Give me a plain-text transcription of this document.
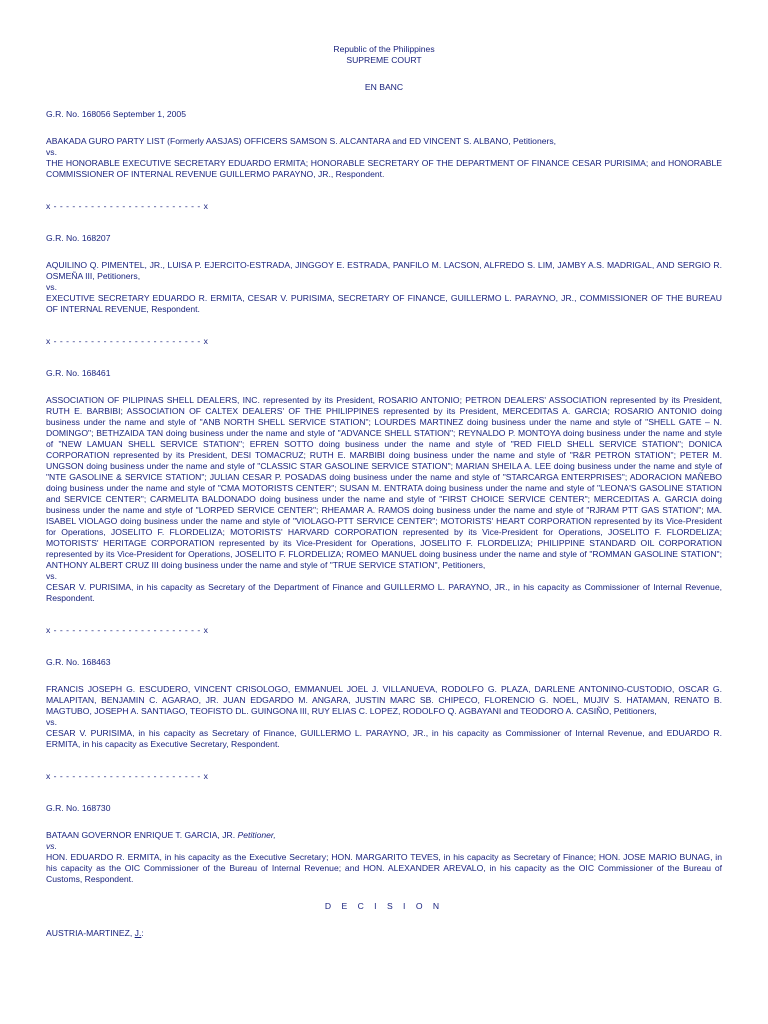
Republic of the Philippines
SUPREME COURT
EN BANC
G.R. No. 168056 September 1, 2005
ABAKADA GURO PARTY LIST (Formerly AASJAS) OFFICERS SAMSON S. ALCANTARA and ED VINCENT S. ALBANO, Petitioners,
vs.
THE HONORABLE EXECUTIVE SECRETARY EDUARDO ERMITA; HONORABLE SECRETARY OF THE DEPARTMENT OF FINANCE CESAR PURISIMA; and HONORABLE COMMISSIONER OF INTERNAL REVENUE GUILLERMO PARAYNO, JR., Respondent.
x - - - - - - - - - - - - - - - - - - - - - - - - x
G.R. No. 168207
AQUILINO Q. PIMENTEL, JR., LUISA P. EJERCITO-ESTRADA, JINGGOY E. ESTRADA, PANFILO M. LACSON, ALFREDO S. LIM, JAMBY A.S. MADRIGAL, AND SERGIO R. OSMEÑA III, Petitioners,
vs.
EXECUTIVE SECRETARY EDUARDO R. ERMITA, CESAR V. PURISIMA, SECRETARY OF FINANCE, GUILLERMO L. PARAYNO, JR., COMMISSIONER OF THE BUREAU OF INTERNAL REVENUE, Respondent.
x - - - - - - - - - - - - - - - - - - - - - - - - x
G.R. No. 168461
ASSOCIATION OF PILIPINAS SHELL DEALERS, INC. represented by its President, ROSARIO ANTONIO; PETRON DEALERS' ASSOCIATION represented by its President, RUTH E. BARBIBI; ASSOCIATION OF CALTEX DEALERS' OF THE PHILIPPINES represented by its President, MERCEDITAS A. GARCIA; ROSARIO ANTONIO doing business under the name and style of "ANB NORTH SHELL SERVICE STATION"; LOURDES MARTINEZ doing business under the name and style of "SHELL GATE – N. DOMINGO"; BETHZAIDA TAN doing business under the name and style of "ADVANCE SHELL STATION"; REYNALDO P. MONTOYA doing business under the name and style of "NEW LAMUAN SHELL SERVICE STATION"; EFREN SOTTO doing business under the name and style of "RED FIELD SHELL SERVICE STATION"; DONICA CORPORATION represented by its President, DESI TOMACRUZ; RUTH E. MARBIBI doing business under the name and style of "R&R PETRON STATION"; PETER M. UNGSON doing business under the name and style of "CLASSIC STAR GASOLINE SERVICE STATION"; MARIAN SHEILA A. LEE doing business under the name and style of "NTE GASOLINE & SERVICE STATION"; JULIAN CESAR P. POSADAS doing business under the name and style of "STARCARGA ENTERPRISES"; ADORACION MAÑEBO doing business under the name and style of "CMA MOTORISTS CENTER"; SUSAN M. ENTRATA doing business under the name and style of "LEONA'S GASOLINE STATION and SERVICE CENTER"; CARMELITA BALDONADO doing business under the name and style of "FIRST CHOICE SERVICE CENTER"; MERCEDITAS A. GARCIA doing business under the name and style of "LORPED SERVICE CENTER"; RHEAMAR A. RAMOS doing business under the name and style of "RJRAM PTT GAS STATION"; MA. ISABEL VIOLAGO doing business under the name and style of "VIOLAGO-PTT SERVICE CENTER"; MOTORISTS' HEART CORPORATION represented by its Vice-President for Operations, JOSELITO F. FLORDELIZA; MOTORISTS' HARVARD CORPORATION represented by its Vice-President for Operations, JOSELITO F. FLORDELIZA; MOTORISTS' HERITAGE CORPORATION represented by its Vice-President for Operations, JOSELITO F. FLORDELIZA; PHILIPPINE STANDARD OIL CORPORATION represented by its Vice-President for Operations, JOSELITO F. FLORDELIZA; ROMEO MANUEL doing business under the name and style of "ROMMAN GASOLINE STATION"; ANTHONY ALBERT CRUZ III doing business under the name and style of "TRUE SERVICE STATION", Petitioners,
vs.
CESAR V. PURISIMA, in his capacity as Secretary of the Department of Finance and GUILLERMO L. PARAYNO, JR., in his capacity as Commissioner of Internal Revenue, Respondent.
x - - - - - - - - - - - - - - - - - - - - - - - - x
G.R. No. 168463
FRANCIS JOSEPH G. ESCUDERO, VINCENT CRISOLOGO, EMMANUEL JOEL J. VILLANUEVA, RODOLFO G. PLAZA, DARLENE ANTONINO-CUSTODIO, OSCAR G. MALAPITAN, BENJAMIN C. AGARAO, JR. JUAN EDGARDO M. ANGARA, JUSTIN MARC SB. CHIPECO, FLORENCIO G. NOEL, MUJIV S. HATAMAN, RENATO B. MAGTUBO, JOSEPH A. SANTIAGO, TEOFISTO DL. GUINGONA III, RUY ELIAS C. LOPEZ, RODOLFO Q. AGBAYANI and TEODORO A. CASIÑO, Petitioners,
vs.
CESAR V. PURISIMA, in his capacity as Secretary of Finance, GUILLERMO L. PARAYNO, JR., in his capacity as Commissioner of Internal Revenue, and EDUARDO R. ERMITA, in his capacity as Executive Secretary, Respondent.
x - - - - - - - - - - - - - - - - - - - - - - - - x
G.R. No. 168730
BATAAN GOVERNOR ENRIQUE T. GARCIA, JR. Petitioner,
vs.
HON. EDUARDO R. ERMITA, in his capacity as the Executive Secretary; HON. MARGARITO TEVES, in his capacity as Secretary of Finance; HON. JOSE MARIO BUNAG, in his capacity as the OIC Commissioner of the Bureau of Internal Revenue; and HON. ALEXANDER AREVALO, in his capacity as the OIC Commissioner of the Bureau of Customs, Respondent.
D E C I S I O N
AUSTRIA-MARTINEZ, J.:
